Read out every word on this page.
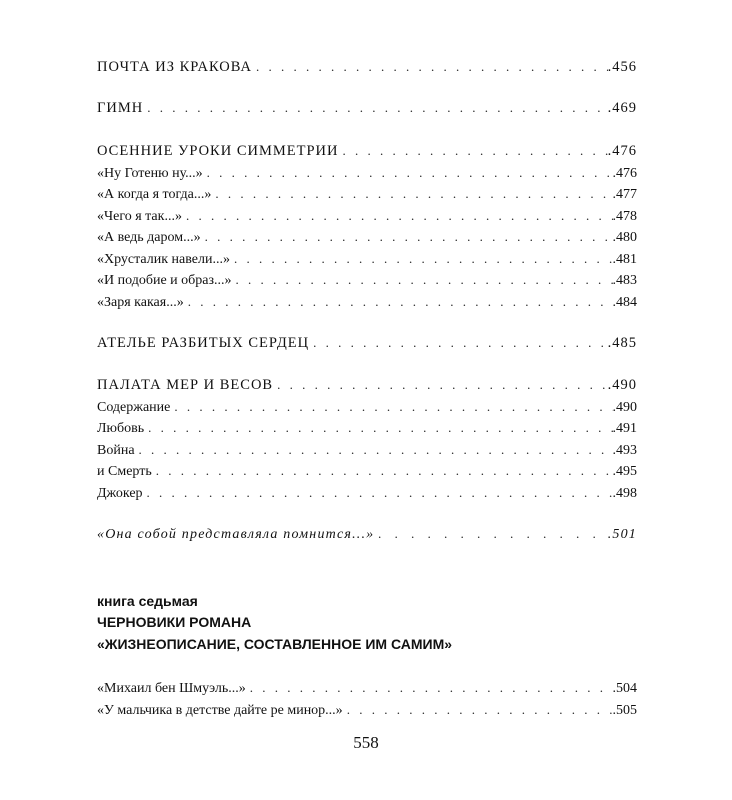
ПОЧТА ИЗ КРАКОВА . . .	.456
ГИМН . . .	.469
ОСЕННИЕ УРОКИ СИММЕТРИИ . . .	.476
«Ну Готеню ну...» . . .	.476
«А когда я тогда...» . . .	.477
«Чего я так...» . . .	.478
«А ведь даром...» . . .	.480
«Хрусталик навели...» . . .	.481
«И подобие и образ...» . . .	.483
«Заря какая...» . . .	.484
АТЕЛЬЕ РАЗБИТЫХ СЕРДЕЦ . . .	.485
ПАЛАТА МЕР И ВЕСОВ . . .	.490
Содержание . . .	.490
Любовь . . .	.491
Война . . .	.493
и Смерть . . .	.495
Джокер . . .	.498
«Она собой представляла помнится...» . . .	.501
книга седьмая
ЧЕРНОВИКИ РОМАНА
«ЖИЗНЕОПИСАНИЕ, СОСТАВЛЕННОЕ ИМ САМИМ»
«Михаил бен Шмуэль...» . . .	.504
«У мальчика в детстве дайте ре минор...» . . .	.505
558
